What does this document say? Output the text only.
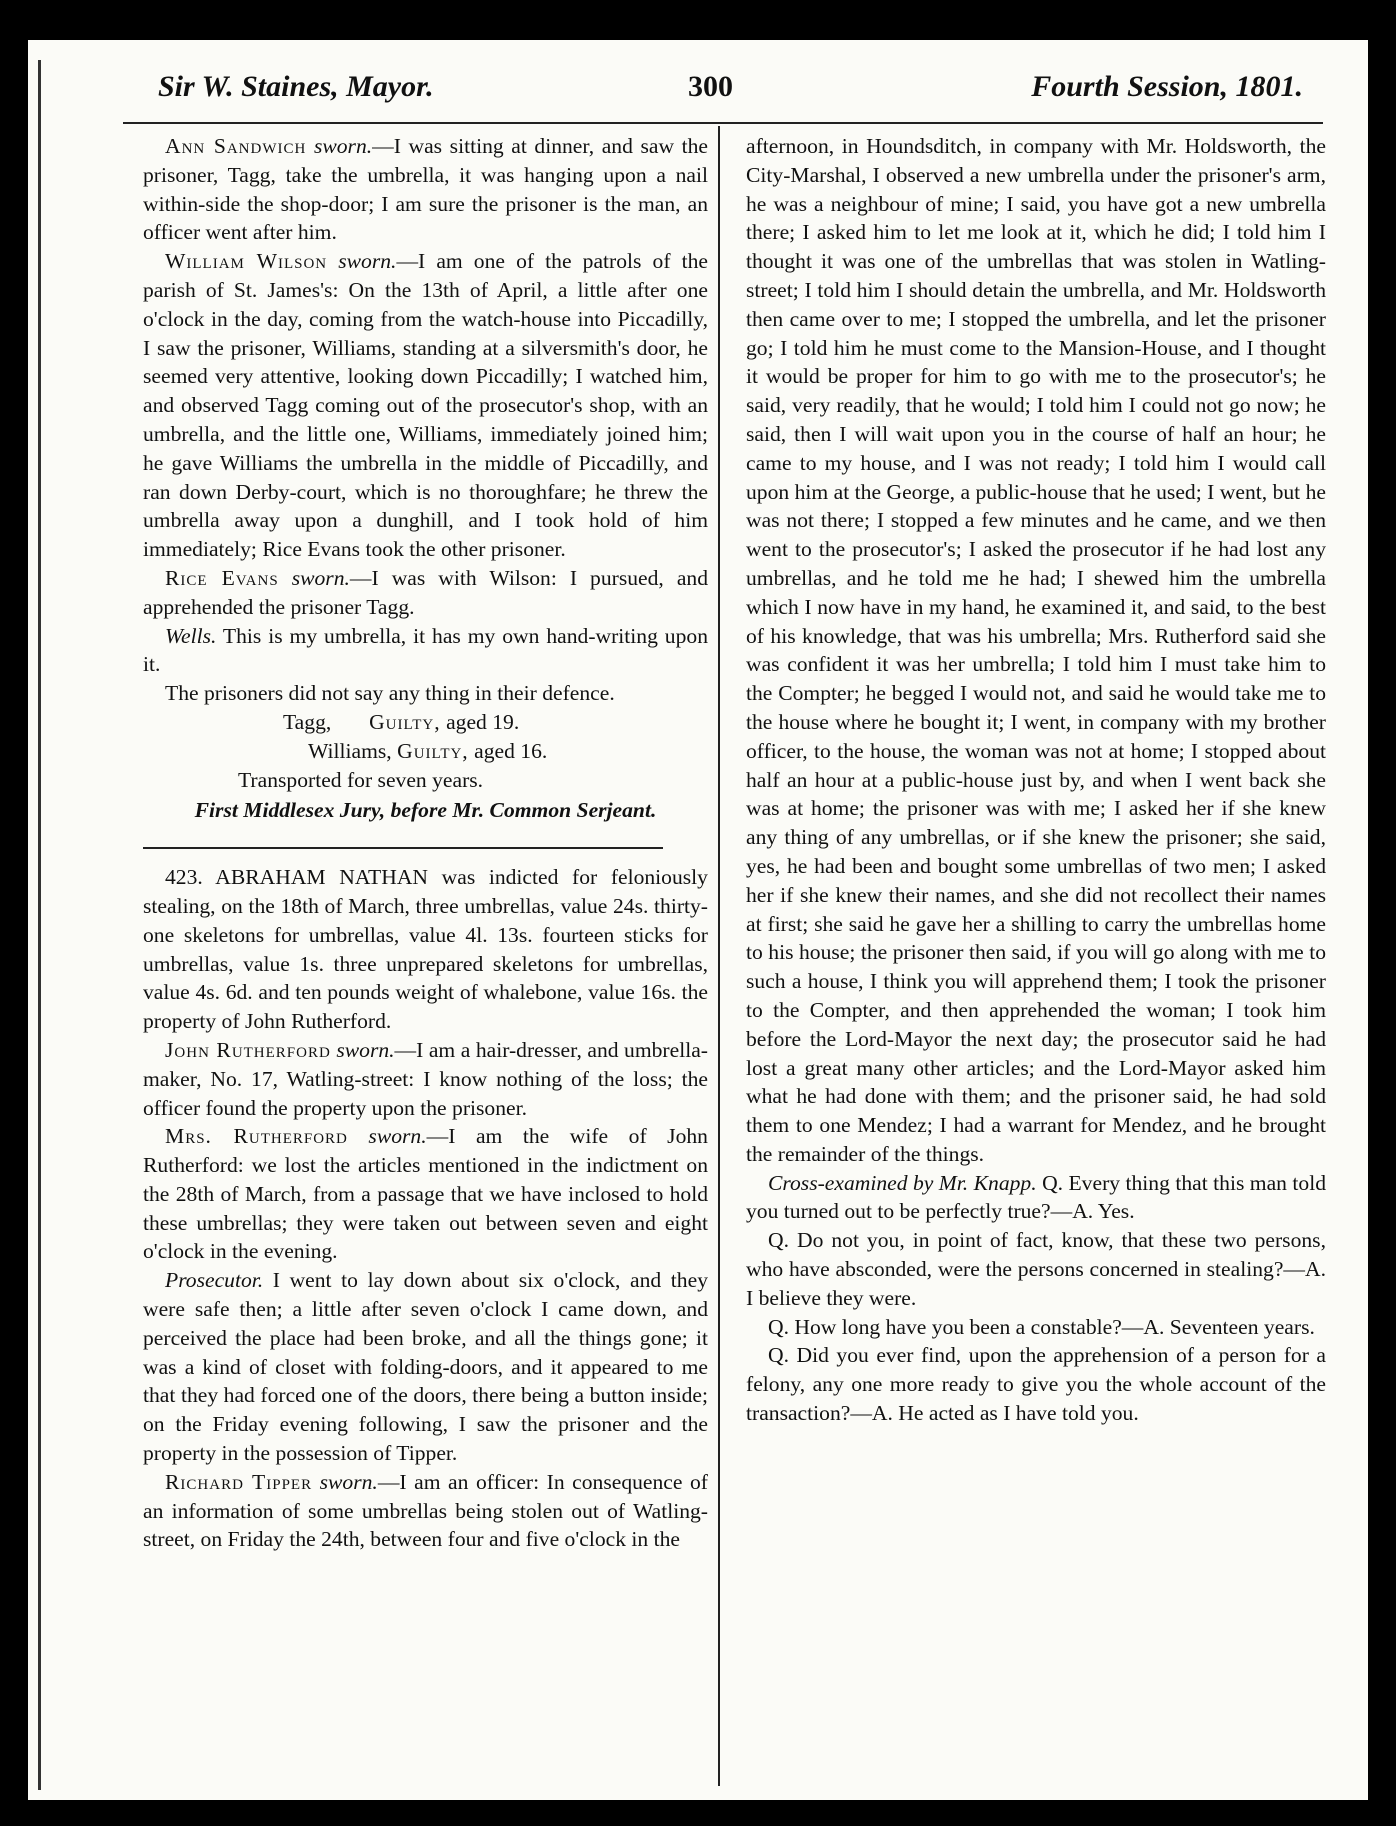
Sir W. Staines, Mayor.	300	Fourth Session, 1801.

Ann Sandwich sworn.—I was sitting at dinner, and saw the prisoner, Tagg, take the umbrella, it was hanging upon a nail within-side the shop-door; I am sure the prisoner is the man, an officer went after him.

William Wilson sworn.—I am one of the patrols of the parish of St. James's: On the 13th of April, a little after one o'clock in the day, coming from the watch-house into Piccadilly, I saw the prisoner, Williams, standing at a silversmith's door, he seemed very attentive, looking down Piccadilly; I watched him, and observed Tagg coming out of the prosecutor's shop, with an umbrella, and the little one, Williams, immediately joined him; he gave Williams the umbrella in the middle of Piccadilly, and ran down Derby-court, which is no thoroughfare; he threw the umbrella away upon a dunghill, and I took hold of him immediately; Rice Evans took the other prisoner.

Rice Evans sworn.—I was with Wilson: I pursued, and apprehended the prisoner Tagg.

Wells. This is my umbrella, it has my own hand-writing upon it.

The prisoners did not say any thing in their defence.

Tagg, Guilty, aged 19.

Williams, Guilty, aged 16.

Transported for seven years.

First Middlesex Jury, before Mr. Common Serjeant.

423. ABRAHAM NATHAN was indicted for feloniously stealing, on the 18th of March, three umbrellas, value 24s. thirty-one skeletons for umbrellas, value 4l. 13s. fourteen sticks for umbrellas, value 1s. three unprepared skeletons for umbrellas, value 4s. 6d. and ten pounds weight of whalebone, value 16s. the property of John Rutherford.

John Rutherford sworn.—I am a hair-dresser, and umbrella-maker, No. 17, Watling-street: I know nothing of the loss; the officer found the property upon the prisoner.

Mrs. Rutherford sworn.—I am the wife of John Rutherford: we lost the articles mentioned in the indictment on the 28th of March, from a passage that we have inclosed to hold these umbrellas; they were taken out between seven and eight o'clock in the evening.

Prosecutor. I went to lay down about six o'clock, and they were safe then; a little after seven o'clock I came down, and perceived the place had been broke, and all the things gone; it was a kind of closet with folding-doors, and it appeared to me that they had forced one of the doors, there being a button inside; on the Friday evening following, I saw the prisoner and the property in the possession of Tipper.

Richard Tipper sworn.—I am an officer: In consequence of an information of some umbrellas being stolen out of Watling-street, on Friday the 24th, between four and five o'clock in the

afternoon, in Houndsditch, in company with Mr. Holdsworth, the City-Marshal, I observed a new umbrella under the prisoner's arm, he was a neighbour of mine; I said, you have got a new umbrella there; I asked him to let me look at it, which he did; I told him I thought it was one of the umbrellas that was stolen in Watling-street; I told him I should detain the umbrella, and Mr. Holdsworth then came over to me; I stopped the umbrella, and let the prisoner go; I told him he must come to the Mansion-House, and I thought it would be proper for him to go with me to the prosecutor's; he said, very readily, that he would; I told him I could not go now; he said, then I will wait upon you in the course of half an hour; he came to my house, and I was not ready; I told him I would call upon him at the George, a public-house that he used; I went, but he was not there; I stopped a few minutes and he came, and we then went to the prosecutor's; I asked the prosecutor if he had lost any umbrellas, and he told me he had; I shewed him the umbrella which I now have in my hand, he examined it, and said, to the best of his knowledge, that was his umbrella; Mrs. Rutherford said she was confident it was her umbrella; I told him I must take him to the Compter; he begged I would not, and said he would take me to the house where he bought it; I went, in company with my brother officer, to the house, the woman was not at home; I stopped about half an hour at a public-house just by, and when I went back she was at home; the prisoner was with me; I asked her if she knew any thing of any umbrellas, or if she knew the prisoner; she said, yes, he had been and bought some umbrellas of two men; I asked her if she knew their names, and she did not recollect their names at first; she said he gave her a shilling to carry the umbrellas home to his house; the prisoner then said, if you will go along with me to such a house, I think you will apprehend them; I took the prisoner to the Compter, and then apprehended the woman; I took him before the Lord-Mayor the next day; the prosecutor said he had lost a great many other articles; and the Lord-Mayor asked him what he had done with them; and the prisoner said, he had sold them to one Mendez; I had a warrant for Mendez, and he brought the remainder of the things.

Cross-examined by Mr. Knapp. Q. Every thing that this man told you turned out to be perfectly true?—A. Yes.

Q. Do not you, in point of fact, know, that these two persons, who have absconded, were the persons concerned in stealing?—A. I believe they were.

Q. How long have you been a constable?—A. Seventeen years.

Q. Did you ever find, upon the apprehension of a person for a felony, any one more ready to give you the whole account of the transaction?—A. He acted as I have told you.
